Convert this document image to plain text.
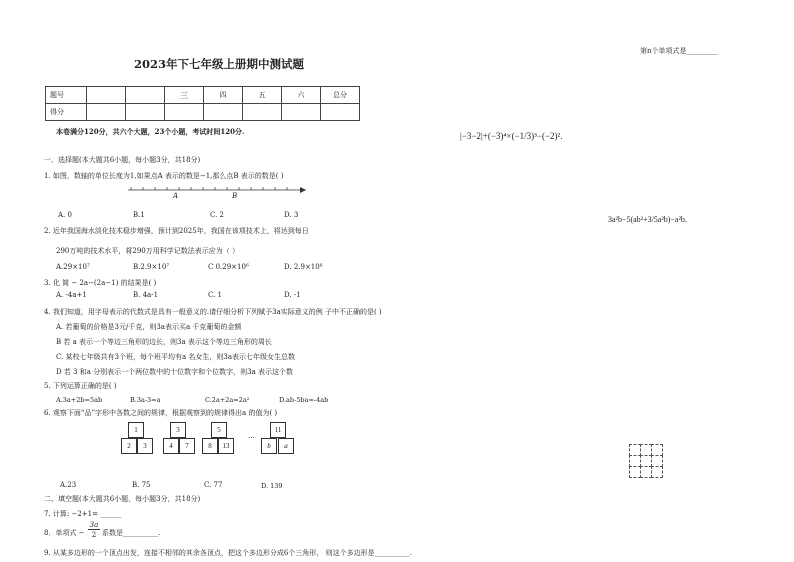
第n个单项式是_________
2023年下七年级上册期中测试题
题号			三	四	五	六	总分
得分							
本卷满分120分，共六个大题，23个小题，考试时间120分.	|−3−2|+(−3)⁴×(−1/3)³−(−2)².
3a²b−5(ab²+3/5a²b)−a²b.
一、选择题(本大题共6小题，每小题3分，共18分)
1. 如图，数轴的单位长度为1,如果点A 表示的数是−1,那么点B 表示的数是( )
A	B
A. 0	B.1	C. 2	D. 3
2. 近年我国海水淡化技术稳步增强，预计到2025年，我国在该项技术上，将达到每日
290万吨的技术水平，将290万用科学记数法表示应为（ ）
A.29×10⁷	B.2.9×10⁷	C 0.29×10⁶	D. 2.9×10⁶
3. 化 简 − 2a−(2a−1) 的结果是( )
A. -4a+1	B. 4a-1	C. 1	D. -1
4. 我们知道，用字母表示的代数式是具有一般意义的.请仔细分析下列赋予3a实际意义的例 子中不正确的是( )
A. 若葡萄的价格是3元/千克，则3a表示买a 千克葡萄的金额
B 若 a 表示一个等边三角形的边长，则3a 表示这个等边三角形的周长
C. 某校七年级共有3个班，每个班平均有a 名女生，则3a表示七年级女生总数
D 若 3 和a 分别表示一个两位数中的十位数字和个位数字，则3a 表示这个数
5. 下列运算正确的是( )
A.3a+2b=5ab	B.3a-3=a	C.2a+2a=2a²	D.ab-5ba=-4ab
6. 观察下面“品”字形中各数之间的规律，根据观察到的规律得出a 的值为( )
1
2	3
3
4	7
5
8	13
…
11
b	a
A.23	B. 75	C. 77	D. 139
二、填空题(本大题共6小题，每小题3分，共18分)
7. 计算: −2+1= ______
8．单项式 −
3a
2 系数是__________.
9. 从某多边形的一个顶点出发，连接不相邻的其余各顶点，把这个多边形分成6个三角形， 则这个多边形是__________.
